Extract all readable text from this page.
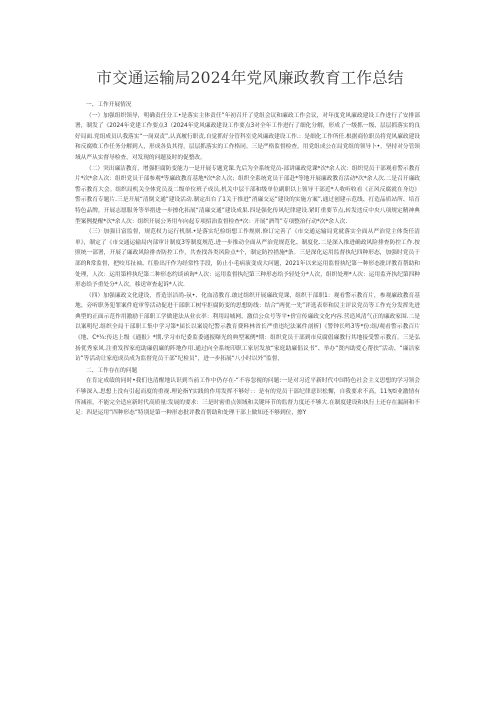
市交通运输局2024年党风廉政教育工作总结

一、工作开展情况

（一）加强组织领导，明确责任分工•是落实主体责任”年初召开了党组会议和廉政工作会议，对年度党风廉政建设工作进行了安排部署，制发了《2024年党建工作要点3（2024年党风廉政建设工作要点3对全年工作进行了细化分解，形成了一级抓一级、层层抓落实的良好局面.党组成员认我落实“一岗双责”,认真履行职责,自觉抓好分管科室党风廉政建设工作.：是细化工作所任.根据商位职员将党风廉政建设和反腐败工作任务分解到人，形成各负其得，层层抓落实的工作格同。三是严格监督检查，用党组成公在局党组的领导卜•，坚持对分管领域从严从实督导检查，对发现的问题及时的促整改。

（二）突出廉洁教育，增强拒腐防变能力一是开展专题党课.先后为全系统党员-部讲廉政党课*次*余人次：组织党员干部观看警示教育片*次*余人次：组织党员干部参观*等廉政教育基地*次*余人次；组织全系统党员干部赴*等地开展廉政教育活动*次*余人次.二是召开廉政警示教育大会。组织局机关全体党员及二级单位班子成员,机关中层干部和级单位副职以上领导干部近*人收听收看《正风反腐就在身边》警示教育专题片.三是开展“清倒文通”建设活动.制定出台了1关于推进“消廉交运”建设的实施方案”,通过创建示范线、打造品质站所、培育特色品牌，开展志愿服务等举措进一步擦化拓展“清廉交通”建设成果.四是强化传风纪律建设.紧盯重要节点,转发违反中央八项规定精神典型案例提醒*次*余人次：组织开展公务用车向起专项招治监督检查*次：开展“酒驾”专项整治行动*次*余人次.

（三）加强日富监督，规范权力运行机制.•是落实纪检组想工作规则.修订完善了《市交通运输局党就落实全面从严治党主体货任清单》，制定了《市交通运输局内部审计制度3等制度规范.进一步推动全面从严治党规范化、制度化.二是深入推进确政风险排查防控工作.按照统一部署，开展了廉政风险排杏防控工作，共查找各类风险点*个，制定防控措施*条。三是深化运用监督执纪四种形态，加强时党员干部的R常监督，把咬耳扯袖、红脸出汗作为经常性手段，防止小毛病演变成大问题，2021年以来运用监督执纪第一种形态批评教育帮助和处理，人次：运用第样执纪第二种形态约谈函询*人次：运用监督执纪第三种形态给予轻处分*人次，组织处理*人次：运用监齐执纪第四种形态给予重处分*人次，移送审查起诉*人次.

（四）加强廉政文化建设，普造崇洁尚-氛•、化血清教育.敢过组织开展廉政党课，组织干部职1：观看警示教育片，参观廉政教育基地、旁听职务犯罪案件庭审等活动促进干部职工树牢拒腐防变的思想防线：结合“两优一先”评选表彰和民主评议党员等工作充分发挥先进典型的正面示范作用激励干部职工学做建法从业衣率：利用局城网、激信公众号等平•价宣传廉政文化内容.营造风清气正的廉政家围.二是以案明纪.组织全局干部职工集中学习第*届长以案说纪警示教育费料林省长严重违纪法案件剖析)《警钟长鸣3等*份:组/观看警示教百片《地、C*¼:传达上级《通报》*期,学习市纪委监委通报曝光的典型案例*期：组织党员干部到市反腐倡廉教行其地接受警示教育。三是弘扬优秀家风.注重发挥家庭助廉倡廉的阵地作用.通过向全系统印职工家居发放“家庭助廉倡议书”、举办“贤内助爱心帮扶”活动、“廉洁家访”等活动让家庭成员成为监督党员干部“纪检员”，进一步拓展“八小时以外”监督，

二、工作存在的问题

在肯定成绩的同时•我们也清醒地认识到当前工作中仍存在-“不容忽视的问题:一是对习近平新时代中国特色社会主义思想的学习领会不够深入.思想上没有引起而度的重视.理论指Y实践的作用发挥不够好：：是有的党员干部纪律意识松懈，自我要求不高，11匆ti业激情有所减祖，不能完全适应新时代高质量:发展的要求：三是时密重点领域和关键环节的监督力度还不够大.在制度建设和执行上还存在漏洞和不足：四是运用“四种形态”特别是第一种形态批评教育帮助和处理干部上做知还不够到位，擦Y
